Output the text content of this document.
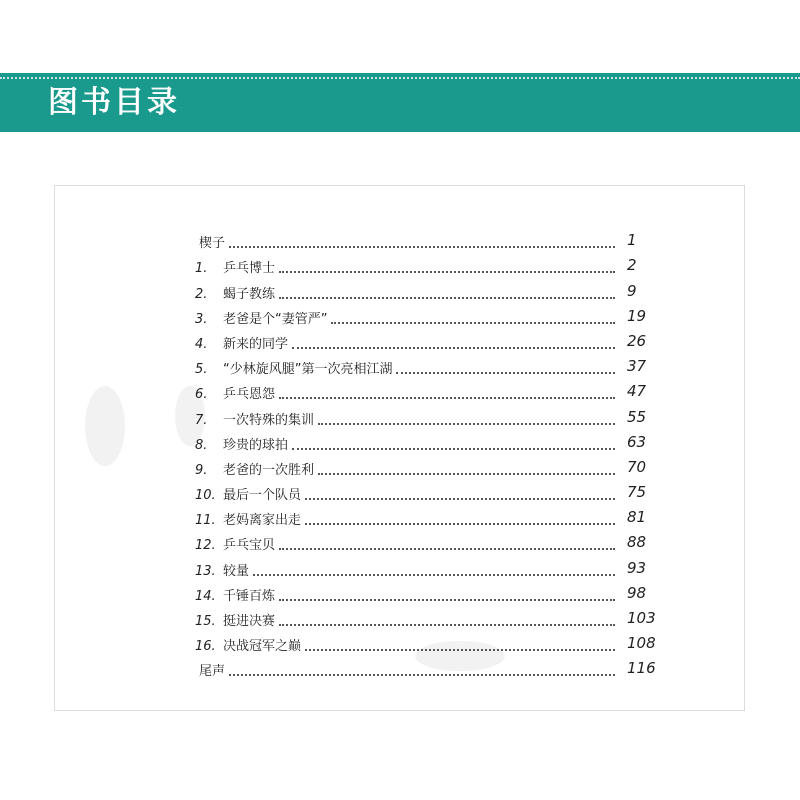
图书目录
楔子	1
1.	乒乓博士	2
2.	蝎子教练	9
3.	老爸是个“妻管严”	19
4.	新来的同学	26
5.	“少林旋风腿”第一次亮相江湖	37
6.	乒乓恩怨	47
7.	一次特殊的集训	55
8.	珍贵的球拍	63
9.	老爸的一次胜利	70
10. 最后一个队员	75
11. 老妈离家出走	81
12. 乒乓宝贝	88
13. 较量	93
14. 千锤百炼	98
15. 挺进决赛	103
16. 决战冠军之巅	108
尾声	116
